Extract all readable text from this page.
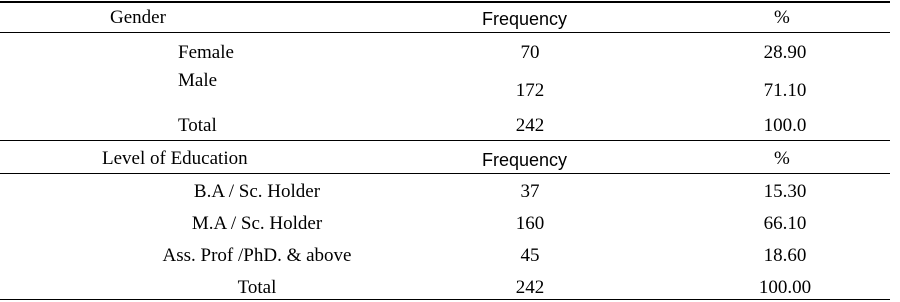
Gender	Frequency	%
Female	70	28.90
Male	172	71.10
Total	242	100.0
Level of Education	Frequency	%
B.A / Sc. Holder	37	15.30
M.A / Sc. Holder	160	66.10
Ass. Prof /PhD. & above	45	18.60
Total	242	100.00
